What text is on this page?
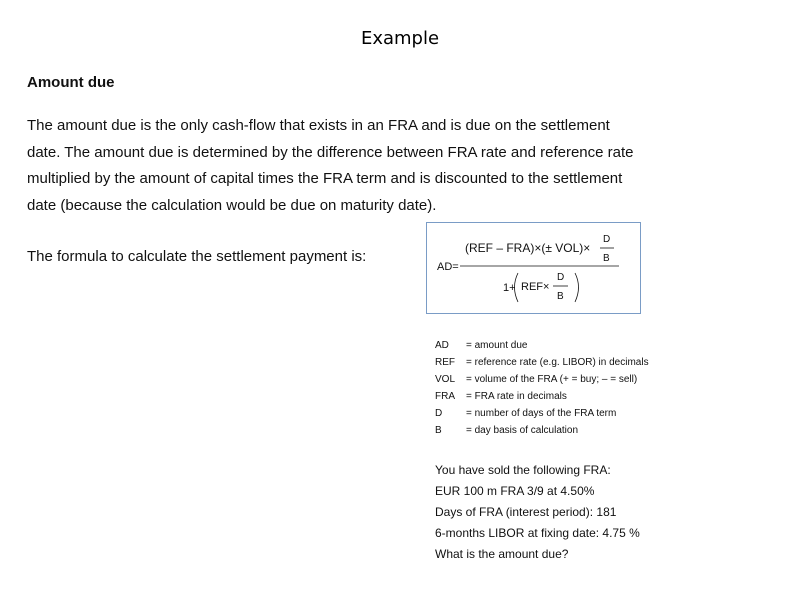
Example
Amount due
The amount due is the only cash-flow that exists in an FRA and is due on the settlement
date. The amount due is determined by the difference between FRA rate and reference rate
multiplied by the amount of capital times the FRA term and is discounted to the settlement
date (because the calculation would be due on maturity date).
The formula to calculate the settlement payment is:
AD=
(REF – FRA)×(± VOL)×
D
B
1+ REF×
D
B
AD = amount due
REF = reference rate (e.g. LIBOR) in decimals
VOL = volume of the FRA (+ = buy; – = sell)
FRA = FRA rate in decimals
D = number of days of the FRA term
B = day basis of calculation
You have sold the following FRA:
EUR 100 m FRA 3/9 at 4.50%
Days of FRA (interest period): 181
6-months LIBOR at fixing date: 4.75 %
What is the amount due?
